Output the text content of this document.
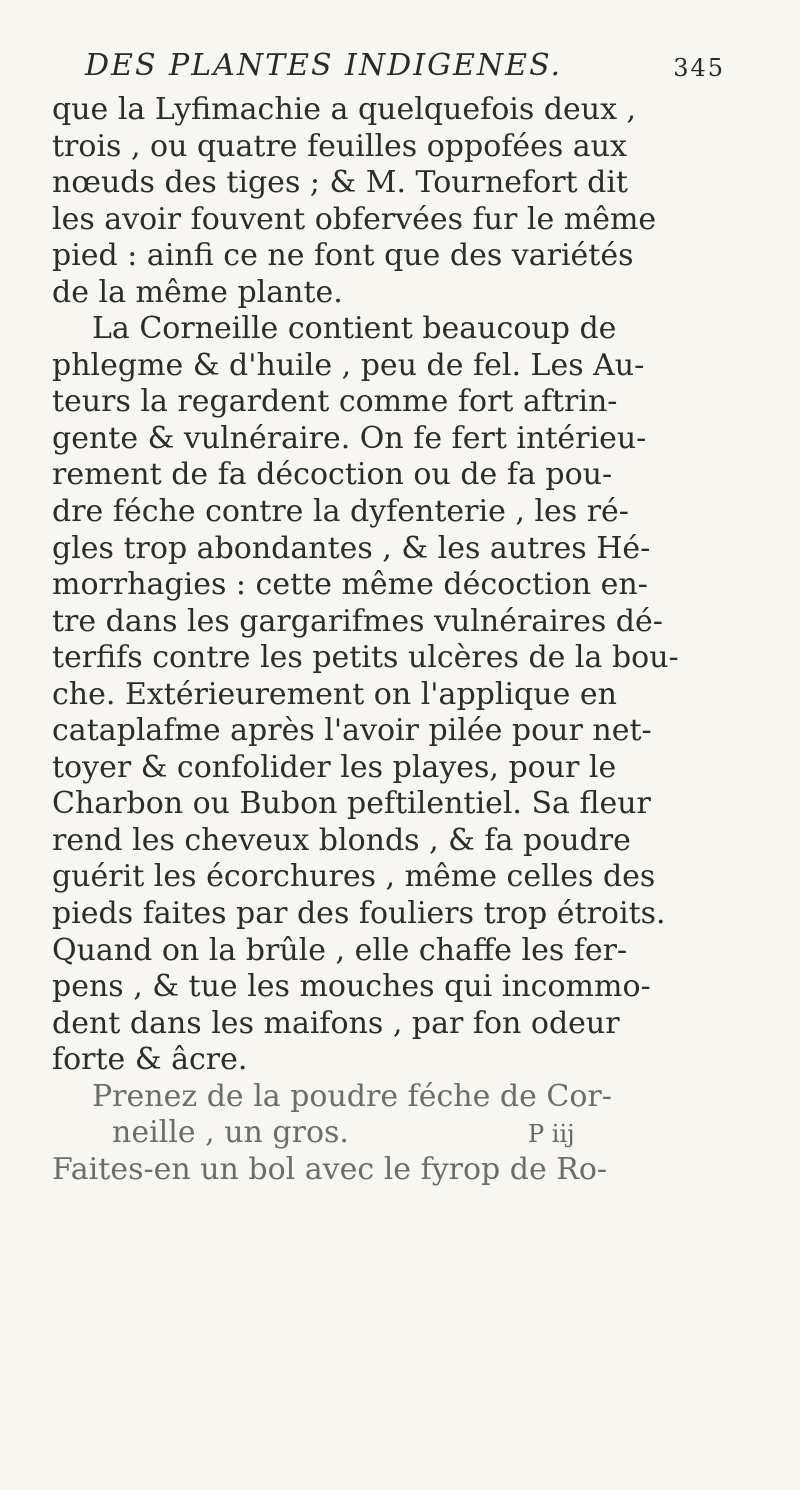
DES PLANTES INDIGENES.	345
que la Lyfimachie a quelquefois deux ,
trois , ou quatre feuilles oppofées aux
nœuds des tiges ; & M. Tournefort dit
les avoir fouvent obfervées fur le même
pied : ainfi ce ne font que des variétés
de la même plante.
La Corneille contient beaucoup de
phlegme & d'huile , peu de fel. Les Au-
teurs la regardent comme fort aftrin-
gente & vulnéraire. On fe fert intérieu-
rement de fa décoction ou de fa pou-
dre féche contre la dyfenterie , les ré-
gles trop abondantes , & les autres Hé-
morrhagies : cette même décoction en-
tre dans les gargarifmes vulnéraires dé-
terfifs contre les petits ulcères de la bou-
che. Extérieurement on l'applique en
cataplafme après l'avoir pilée pour net-
toyer & confolider les playes, pour le
Charbon ou Bubon peftilentiel. Sa fleur
rend les cheveux blonds , & fa poudre
guérit les écorchures , même celles des
pieds faites par des fouliers trop étroits.
Quand on la brûle , elle chaffe les fer-
pens , & tue les mouches qui incommo-
dent dans les maifons , par fon odeur
forte & âcre.
Prenez de la poudre féche de Cor-
neille , un gros.
Faites-en un bol avec le fyrop de Ro-
P iij
